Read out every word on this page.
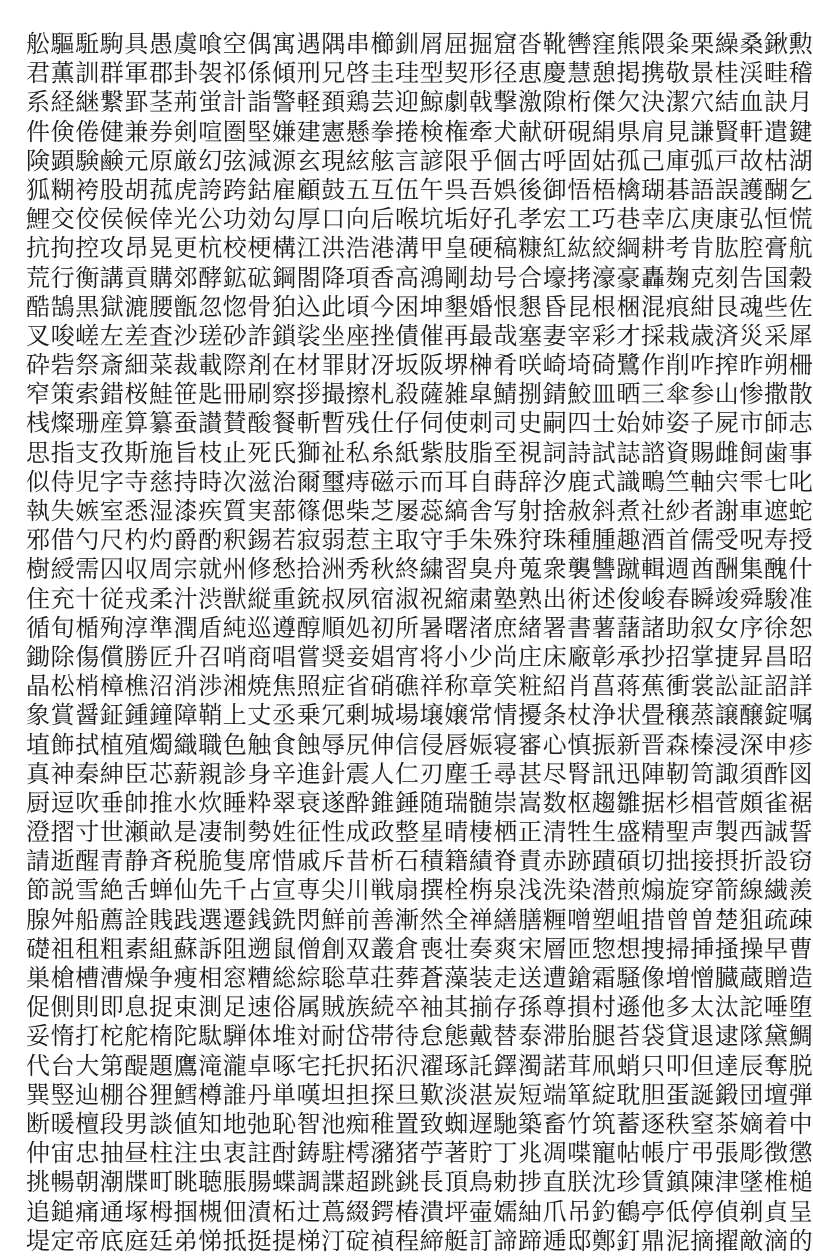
舩驅駈駒具愚虞喰空偶寓遇隅串櫛釧屑屈掘窟沓靴轡窪熊隈粂栗繰桑鍬勲
君薫訓群軍郡卦袈祁係傾刑兄啓圭珪型契形径恵慶慧憩掲携敬景桂渓畦稽
系経継繋罫茎荊蛍計詣警軽頚鶏芸迎鯨劇戟撃激隙桁傑欠決潔穴結血訣月
件倹倦健兼券剣喧圏堅嫌建憲懸拳捲検権牽犬献研硯絹県肩見謙賢軒遣鍵
険顕験鹸元原厳幻弦減源玄現絃舷言諺限乎個古呼固姑孤己庫弧戸故枯湖
狐糊袴股胡菰虎誇跨鈷雇顧鼓五互伍午呉吾娯後御悟梧檎瑚碁語誤護醐乞
鯉交佼侯候倖光公功効勾厚口向后喉坑垢好孔孝宏工巧巷幸広庚康弘恒慌
抗拘控攻昂晃更杭校梗構江洪浩港溝甲皇硬稿糠紅紘絞綱耕考肯肱腔膏航
荒行衡講貢購郊酵鉱砿鋼閤降項香高鴻剛劫号合壕拷濠豪轟麹克刻告国穀
酷鵠黒獄漉腰甑忽惚骨狛込此頃今困坤墾婚恨懇昏昆根梱混痕紺艮魂些佐
叉唆嵯左差査沙瑳砂詐鎖裟坐座挫債催再最哉塞妻宰彩才採栽歳済災采犀
砕砦祭斎細菜裁載際剤在材罪財冴坂阪堺榊肴咲崎埼碕鷺作削咋搾昨朔柵
窄策索錯桜鮭笹匙冊刷察拶撮擦札殺薩雑皐鯖捌錆鮫皿晒三傘参山惨撒散
桟燦珊産算纂蚕讃賛酸餐斬暫残仕仔伺使刺司史嗣四士始姉姿子屍市師志
思指支孜斯施旨枝止死氏獅祉私糸紙紫肢脂至視詞詩試誌諮資賜雌飼歯事
似侍児字寺慈持時次滋治爾璽痔磁示而耳自蒔辞汐鹿式識鴫竺軸宍雫七叱
執失嫉室悉湿漆疾質実蔀篠偲柴芝屡蕊縞舎写射捨赦斜煮社紗者謝車遮蛇
邪借勺尺杓灼爵酌釈錫若寂弱惹主取守手朱殊狩珠種腫趣酒首儒受呪寿授
樹綬需囚収周宗就州修愁拾洲秀秋終繍習臭舟蒐衆襲讐蹴輯週酋酬集醜什
住充十従戎柔汁渋獣縦重銃叔夙宿淑祝縮粛塾熟出術述俊峻春瞬竣舜駿准
循旬楯殉淳準潤盾純巡遵醇順処初所暑曙渚庶緒署書薯藷諸助叙女序徐恕
鋤除傷償勝匠升召哨商唱嘗奨妾娼宵将小少尚庄床廠彰承抄招掌捷昇昌昭
晶松梢樟樵沼消渉湘焼焦照症省硝礁祥称章笑粧紹肖菖蒋蕉衝裳訟証詔詳
象賞醤鉦鍾鐘障鞘上丈丞乗冗剰城場壌嬢常情擾条杖浄状畳穣蒸譲醸錠嘱
埴飾拭植殖燭織職色触食蝕辱尻伸信侵唇娠寝審心慎振新晋森榛浸深申疹
真神秦紳臣芯薪親診身辛進針震人仁刃塵壬尋甚尽腎訊迅陣靭笥諏須酢図
厨逗吹垂帥推水炊睡粋翠衰遂酔錐錘随瑞髄崇嵩数枢趨雛据杉椙菅頗雀裾
澄摺寸世瀬畝是凄制勢姓征性成政整星晴棲栖正清牲生盛精聖声製西誠誓
請逝醒青静斉税脆隻席惜戚斥昔析石積籍績脊責赤跡蹟碩切拙接摂折設窃
節説雪絶舌蝉仙先千占宣専尖川戦扇撰栓栴泉浅洗染潜煎煽旋穿箭線繊羨
腺舛船薦詮賎践選遷銭銑閃鮮前善漸然全禅繕膳糎噌塑岨措曾曽楚狙疏疎
礎祖租粗素組蘇訴阻遡鼠僧創双叢倉喪壮奏爽宋層匝惣想捜掃挿掻操早曹
巣槍槽漕燥争痩相窓糟総綜聡草荘葬蒼藻装走送遭鎗霜騒像増憎臓蔵贈造
促側則即息捉束測足速俗属賊族続卒袖其揃存孫尊損村遜他多太汰詑唾堕
妥惰打柁舵楕陀駄騨体堆対耐岱帯待怠態戴替泰滞胎腿苔袋貸退逮隊黛鯛
代台大第醍題鷹滝瀧卓啄宅托択拓沢濯琢託鐸濁諾茸凧蛸只叩但達辰奪脱
巽竪辿棚谷狸鱈樽誰丹単嘆坦担探旦歎淡湛炭短端箪綻耽胆蛋誕鍛団壇弾
断暖檀段男談値知地弛恥智池痴稚置致蜘遅馳築畜竹筑蓄逐秩窒茶嫡着中
仲宙忠抽昼柱注虫衷註酎鋳駐樗瀦猪苧著貯丁兆凋喋寵帖帳庁弔張彫徴懲
挑暢朝潮牒町眺聴脹腸蝶調諜超跳銚長頂鳥勅捗直朕沈珍賃鎮陳津墜椎槌
追鎚痛通塚栂掴槻佃漬柘辻蔦綴鍔椿潰坪壷嬬紬爪吊釣鶴亭低停偵剃貞呈
堤定帝底庭廷弟悌抵挺提梯汀碇禎程締艇訂諦蹄逓邸鄭釘鼎泥摘擢敵滴的
